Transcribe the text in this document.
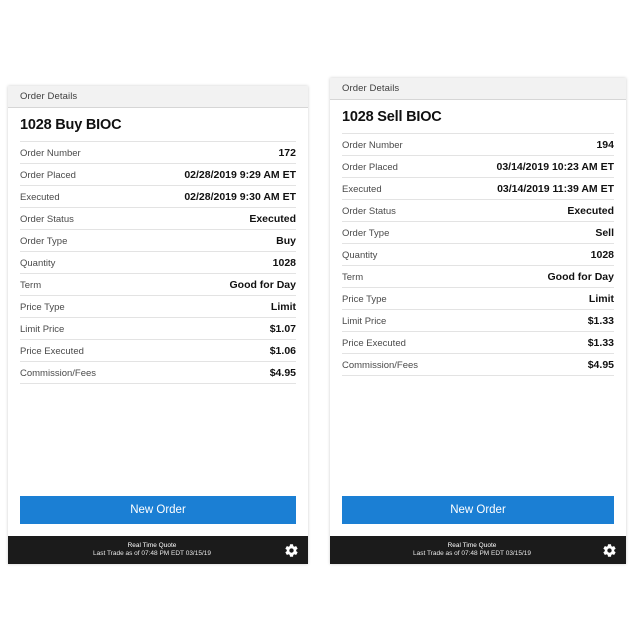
Order Details
1028 Buy BIOC
Order Number	172
Order Placed	02/28/2019 9:29 AM ET
Executed	02/28/2019 9:30 AM ET
Order Status	Executed
Order Type	Buy
Quantity	1028
Term	Good for Day
Price Type	Limit
Limit Price	$1.07
Price Executed	$1.06
Commission/Fees	$4.95
New Order
Real Time Quote
Last Trade as of 07:48 PM EDT 03/15/19
Order Details
1028 Sell BIOC
Order Number	194
Order Placed	03/14/2019 10:23 AM ET
Executed	03/14/2019 11:39 AM ET
Order Status	Executed
Order Type	Sell
Quantity	1028
Term	Good for Day
Price Type	Limit
Limit Price	$1.33
Price Executed	$1.33
Commission/Fees	$4.95
New Order
Real Time Quote
Last Trade as of 07:48 PM EDT 03/15/19
